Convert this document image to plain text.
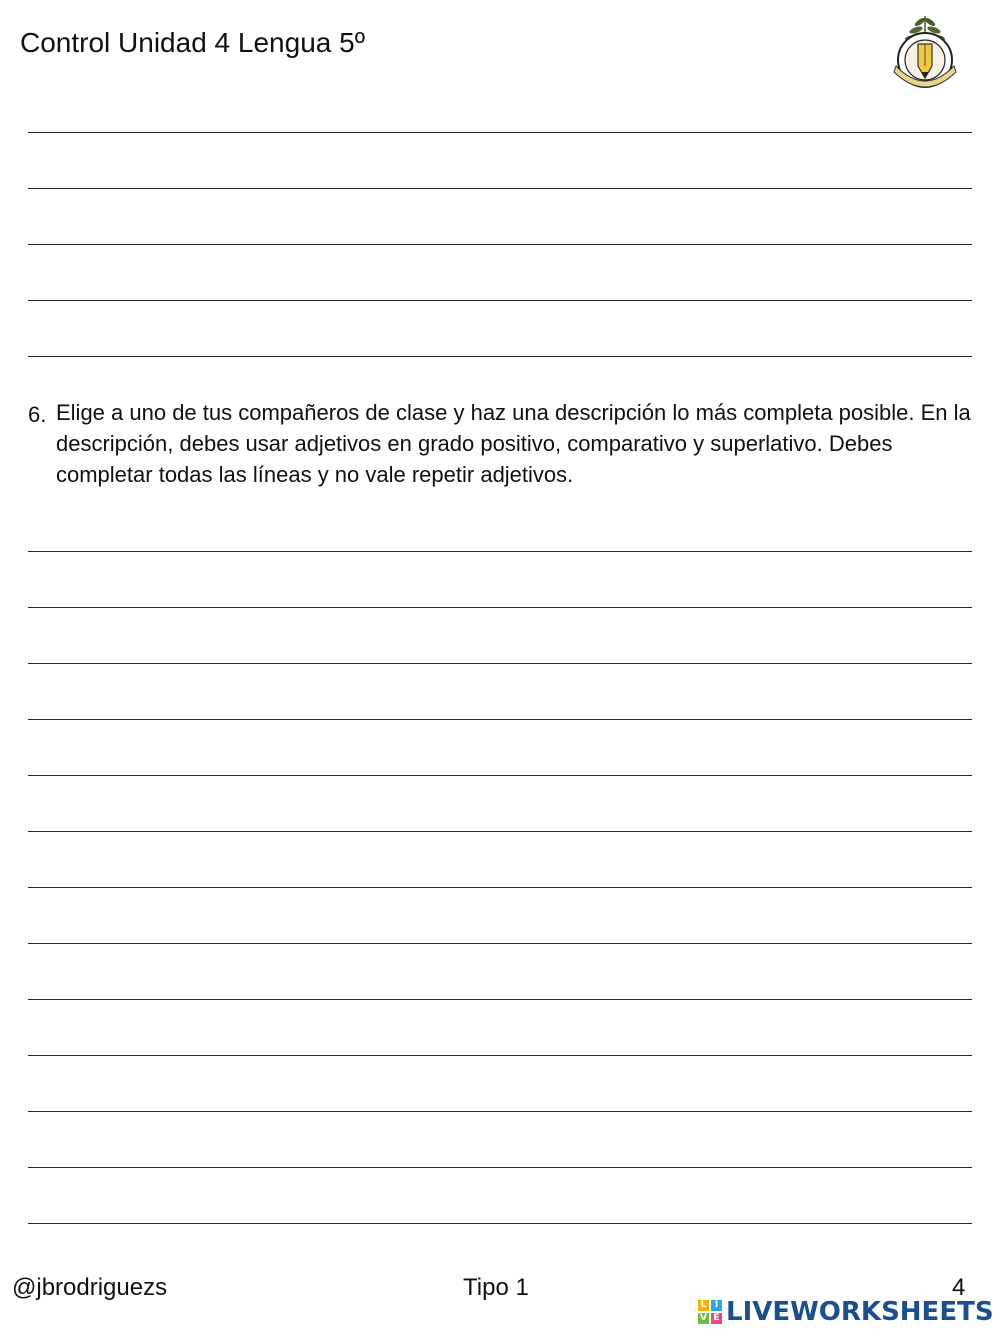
Control Unidad 4 Lengua 5º
6. Elige a uno de tus compañeros de clase y haz una descripción lo más completa posible. En la descripción, debes usar adjetivos en grado positivo, comparativo y superlativo. Debes completar todas las líneas y no vale repetir adjetivos.
@jbrodriguezs	Tipo 1	4
L I
V E LIVEWORKSHEETS
